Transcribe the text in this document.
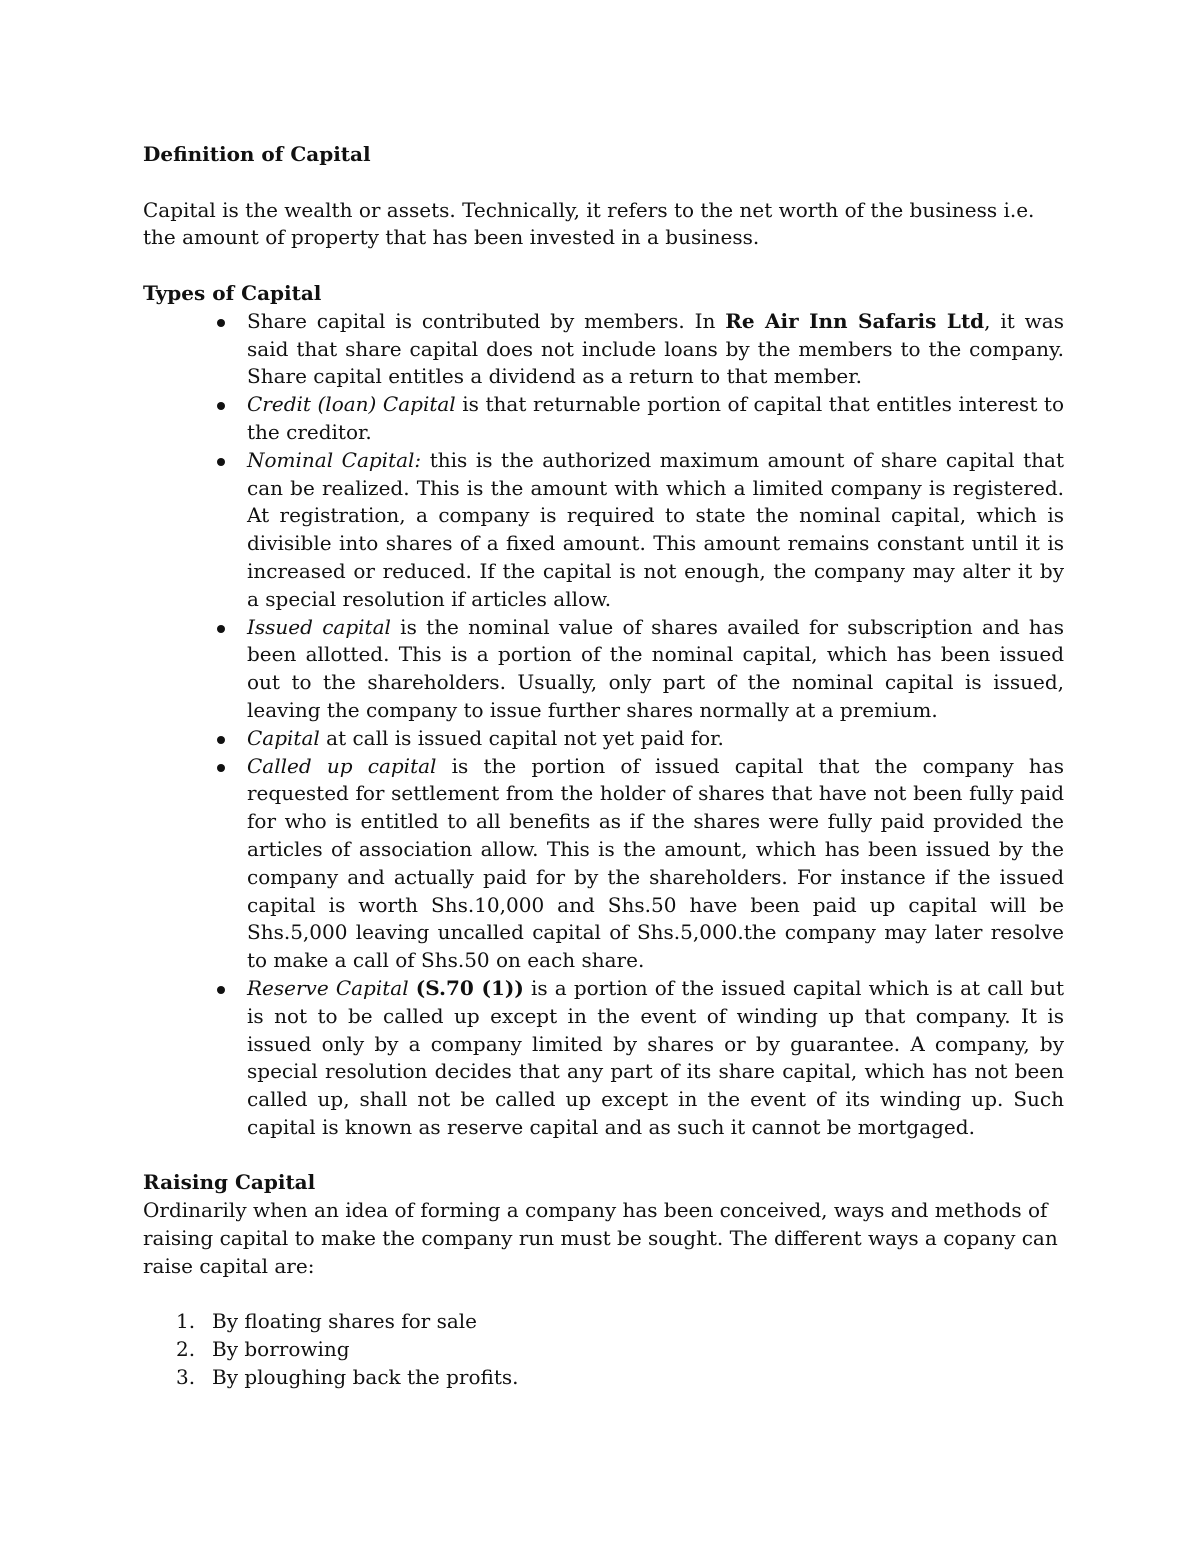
Definition of Capital

Capital is the wealth or assets. Technically, it refers to the net worth of the business i.e. the amount of property that has been invested in a business.

Types of Capital
Share capital is contributed by members. In Re Air Inn Safaris Ltd, it was said that share capital does not include loans by the members to the company. Share capital entitles a dividend as a return to that member.
Credit (loan) Capital is that returnable portion of capital that entitles interest to the creditor.
Nominal Capital: this is the authorized maximum amount of share capital that can be realized. This is the amount with which a limited company is registered. At registration, a company is required to state the nominal capital, which is divisible into shares of a fixed amount. This amount remains constant until it is increased or reduced. If the capital is not enough, the company may alter it by a special resolution if articles allow.
Issued capital is the nominal value of shares availed for subscription and has been allotted. This is a portion of the nominal capital, which has been issued out to the shareholders. Usually, only part of the nominal capital is issued, leaving the company to issue further shares normally at a premium.
Capital at call is issued capital not yet paid for.
Called up capital is the portion of issued capital that the company has requested for settlement from the holder of shares that have not been fully paid for who is entitled to all benefits as if the shares were fully paid provided the articles of association allow. This is the amount, which has been issued by the company and actually paid for by the shareholders. For instance if the issued capital is worth Shs.10,000 and Shs.50 have been paid up capital will be Shs.5,000 leaving uncalled capital of Shs.5,000.the company may later resolve to make a call of Shs.50 on each share.
Reserve Capital (S.70 (1)) is a portion of the issued capital which is at call but is not to be called up except in the event of winding up that company. It is issued only by a company limited by shares or by guarantee. A company, by special resolution decides that any part of its share capital, which has not been called up, shall not be called up except in the event of its winding up. Such capital is known as reserve capital and as such it cannot be mortgaged.
Raising Capital

Ordinarily when an idea of forming a company has been conceived, ways and methods of raising capital to make the company run must be sought. The different ways a copany can raise capital are:

1. By floating shares for sale
2. By borrowing
3. By ploughing back the profits.
